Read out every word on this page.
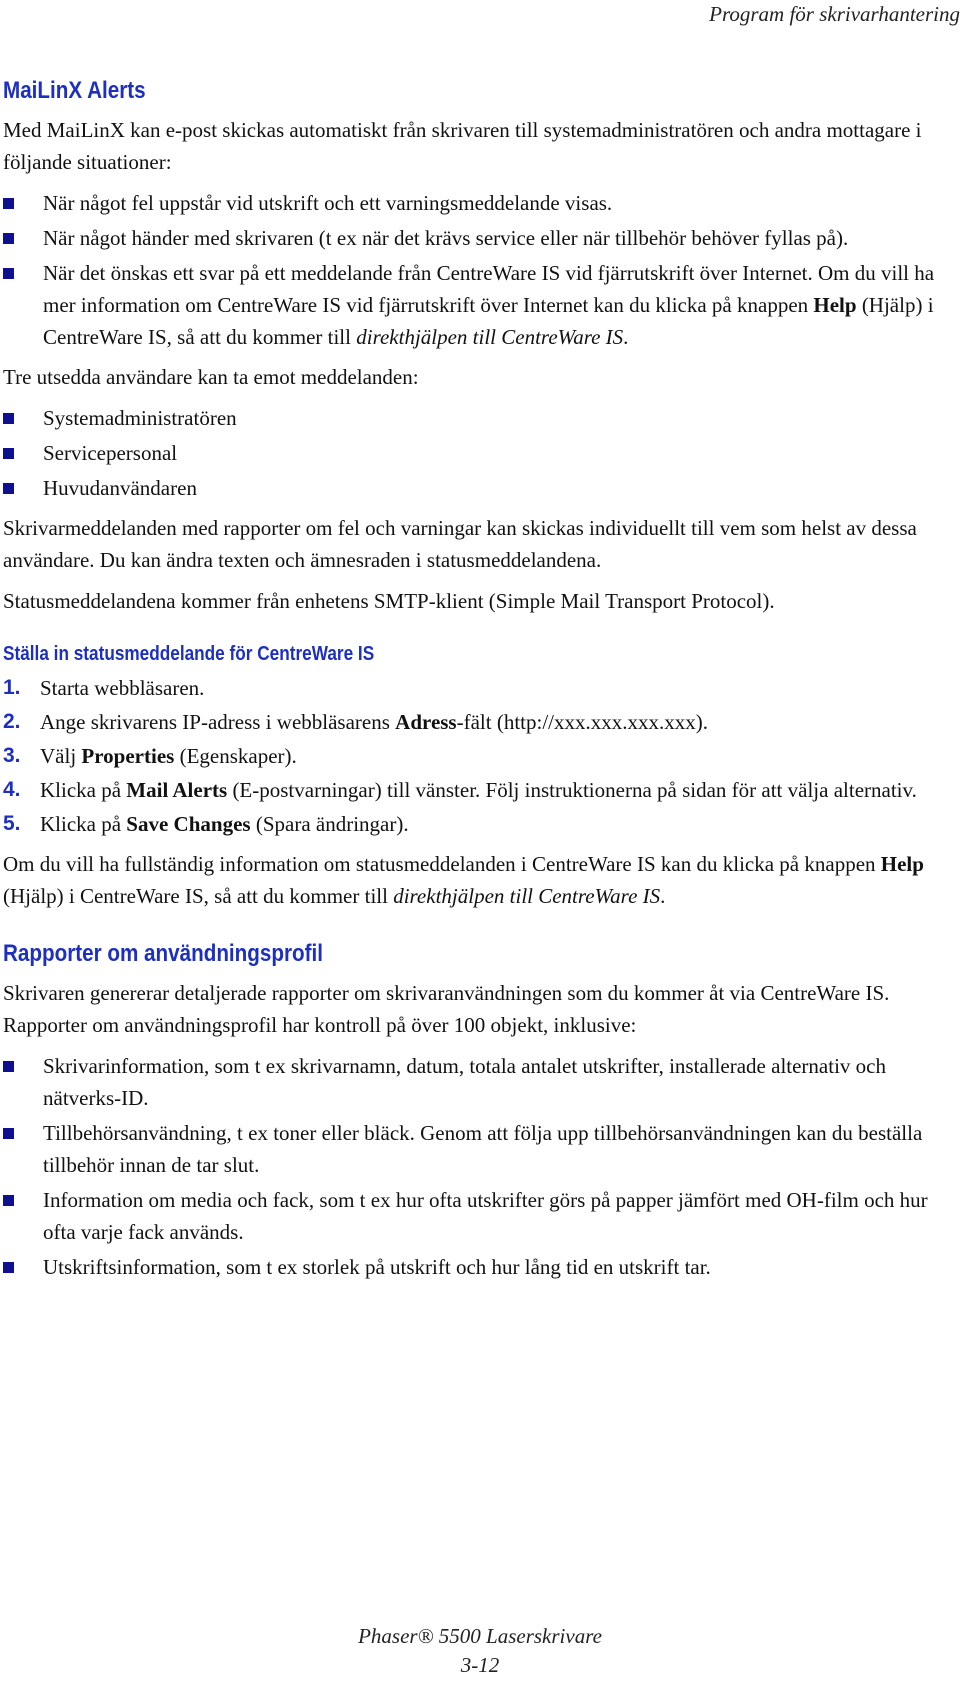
Program för skrivarhantering
MaiLinX Alerts

Med MaiLinX kan e-post skickas automatiskt från skrivaren till systemadministratören och andra mottagare i följande situationer:

När något fel uppstår vid utskrift och ett varningsmeddelande visas.
När något händer med skrivaren (t ex när det krävs service eller när tillbehör behöver fyllas på).
När det önskas ett svar på ett meddelande från CentreWare IS vid fjärrutskrift över Internet. Om du vill ha mer information om CentreWare IS vid fjärrutskrift över Internet kan du klicka på knappen Help (Hjälp) i CentreWare IS, så att du kommer till direkthjälpen till CentreWare IS.

Tre utsedda användare kan ta emot meddelanden:

Systemadministratören
Servicepersonal
Huvudanvändaren

Skrivarmeddelanden med rapporter om fel och varningar kan skickas individuellt till vem som helst av dessa användare. Du kan ändra texten och ämnesraden i statusmeddelandena.

Statusmeddelandena kommer från enhetens SMTP-klient (Simple Mail Transport Protocol).

Ställa in statusmeddelande för CentreWare IS
1. Starta webbläsaren.
2. Ange skrivarens IP-adress i webbläsarens Adress-fält (http://xxx.xxx.xxx.xxx).
3. Välj Properties (Egenskaper).
4. Klicka på Mail Alerts (E-postvarningar) till vänster. Följ instruktionerna på sidan för att välja alternativ.
5. Klicka på Save Changes (Spara ändringar).

Om du vill ha fullständig information om statusmeddelanden i CentreWare IS kan du klicka på knappen Help (Hjälp) i CentreWare IS, så att du kommer till direkthjälpen till CentreWare IS.

Rapporter om användningsprofil

Skrivaren genererar detaljerade rapporter om skrivaranvändningen som du kommer åt via CentreWare IS. Rapporter om användningsprofil har kontroll på över 100 objekt, inklusive:

Skrivarinformation, som t ex skrivarnamn, datum, totala antalet utskrifter, installerade alternativ och nätverks-ID.
Tillbehörsanvändning, t ex toner eller bläck. Genom att följa upp tillbehörsanvändningen kan du beställa tillbehör innan de tar slut.
Information om media och fack, som t ex hur ofta utskrifter görs på papper jämfört med OH-film och hur ofta varje fack används.
Utskriftsinformation, som t ex storlek på utskrift och hur lång tid en utskrift tar.
Phaser® 5500 Laserskrivare
3-12
